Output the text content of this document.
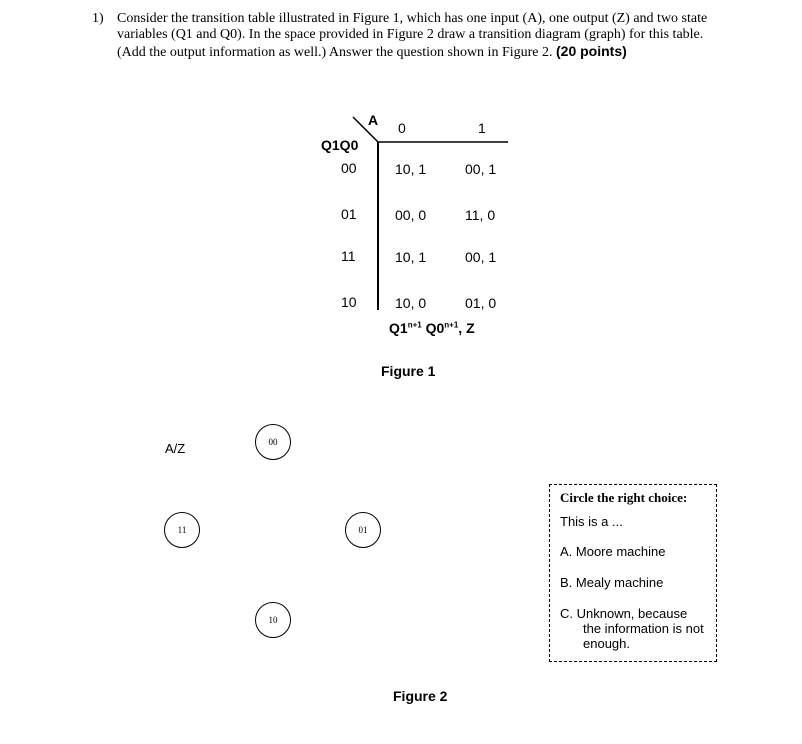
1) Consider the transition table illustrated in Figure 1, which has one input (A), one output (Z) and two state variables (Q1 and Q0). In the space provided in Figure 2 draw a transition diagram (graph) for this table. (Add the output information as well.) Answer the question shown in Figure 2. (20 points)
A 0	1
Q1Q0
00	10, 1	00, 1
01	00, 0	11, 0
11	10, 1	00, 1
10	10, 0	01, 0
$Q1^{n+1}$ $Q0^{n+1}$, Z
Figure 1
A/Z	00
11	01
10
Circle the right choice:
This is a ...
A. Moore machine
B. Mealy machine
C. Unknown, because
the information is not
enough.
Figure 2
